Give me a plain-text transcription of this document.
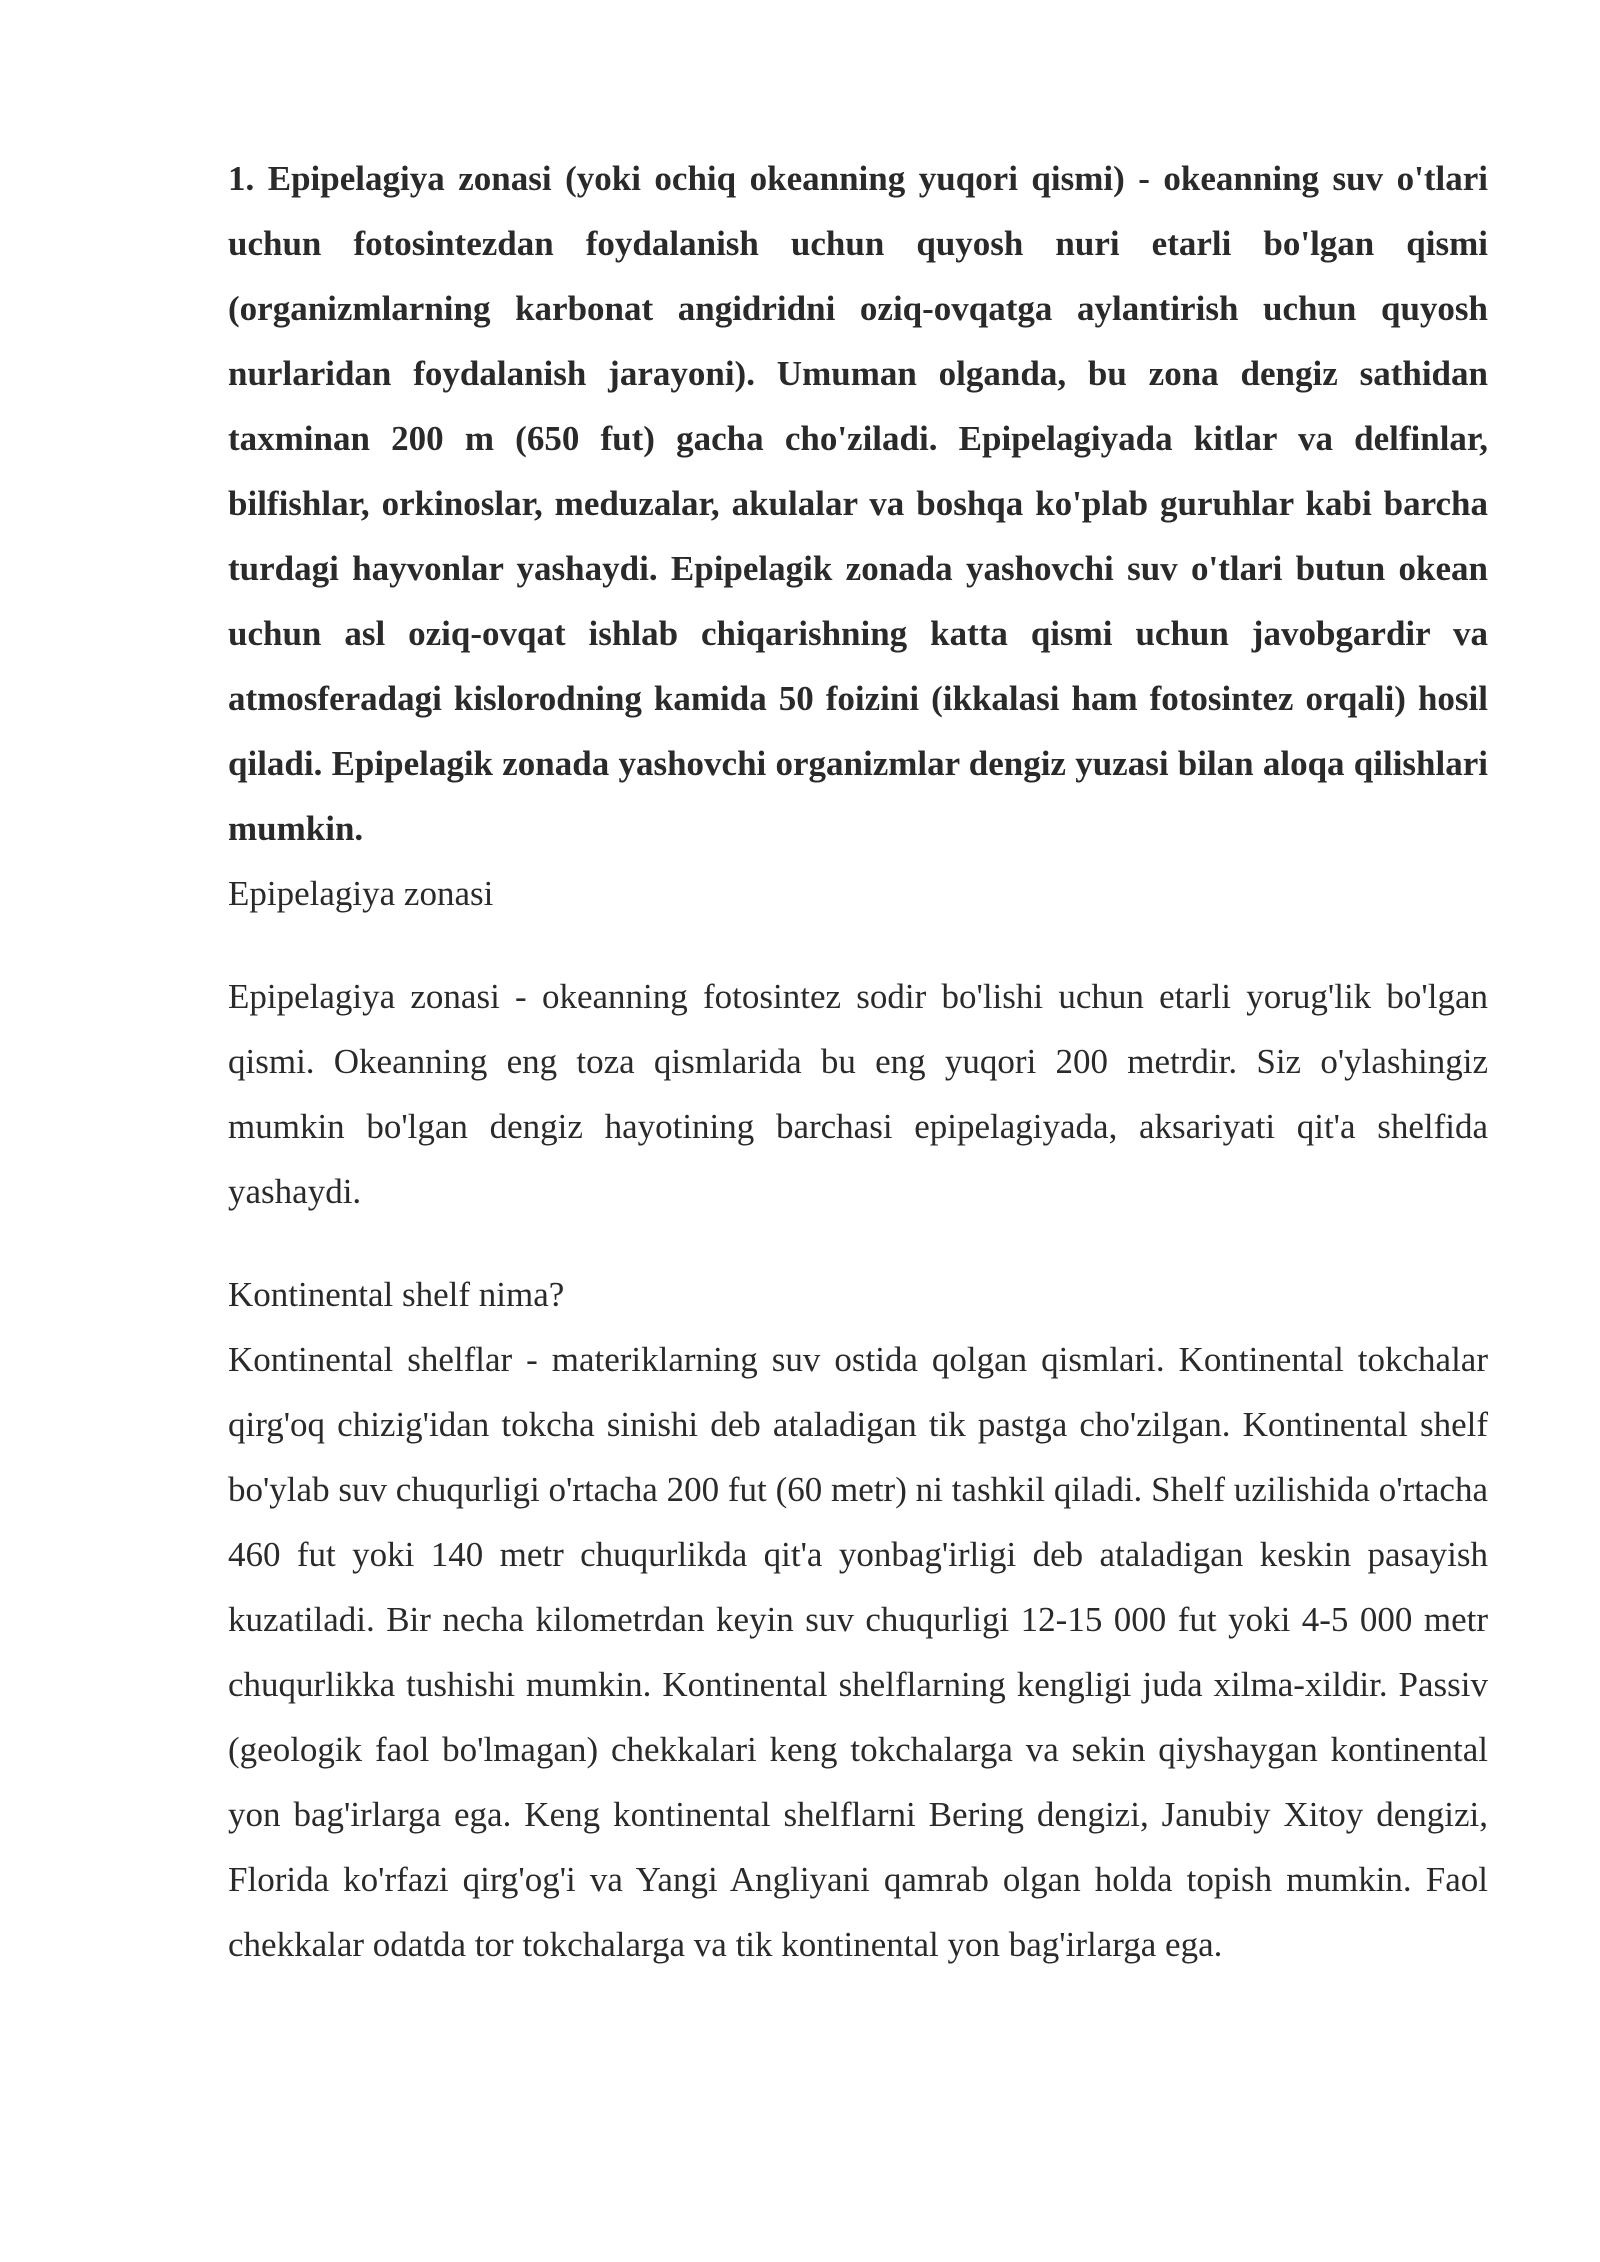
1. Epipelagiya zonasi (yoki ochiq okeanning yuqori qismi) - okeanning suv o'tlari uchun fotosintezdan foydalanish uchun quyosh nuri etarli bo'lgan qismi (organizmlarning karbonat angidridni oziq-ovqatga aylantirish uchun quyosh nurlaridan foydalanish jarayoni). Umuman olganda, bu zona dengiz sathidan taxminan 200 m (650 fut) gacha cho'ziladi. Epipelagiyada kitlar va delfinlar, bilfishlar, orkinoslar, meduzalar, akulalar va boshqa ko'plab guruhlar kabi barcha turdagi hayvonlar yashaydi. Epipelagik zonada yashovchi suv o'tlari butun okean uchun asl oziq-ovqat ishlab chiqarishning katta qismi uchun javobgardir va atmosferadagi kislorodning kamida 50 foizini (ikkalasi ham fotosintez orqali) hosil qiladi. Epipelagik zonada yashovchi organizmlar dengiz yuzasi bilan aloqa qilishlari mumkin.

Epipelagiya zonasi

Epipelagiya zonasi - okeanning fotosintez sodir bo'lishi uchun etarli yorug'lik bo'lgan qismi. Okeanning eng toza qismlarida bu eng yuqori 200 metrdir. Siz o'ylashingiz mumkin bo'lgan dengiz hayotining barchasi epipelagiyada, aksariyati qit'a shelfida yashaydi.

Kontinental shelf nima?

Kontinental shelflar - materiklarning suv ostida qolgan qismlari. Kontinental tokchalar qirg'oq chizig'idan tokcha sinishi deb ataladigan tik pastga cho'zilgan. Kontinental shelf bo'ylab suv chuqurligi o'rtacha 200 fut (60 metr) ni tashkil qiladi. Shelf uzilishida o'rtacha 460 fut yoki 140 metr chuqurlikda qit'a yonbag'irligi deb ataladigan keskin pasayish kuzatiladi. Bir necha kilometrdan keyin suv chuqurligi 12-15 000 fut yoki 4-5 000 metr chuqurlikka tushishi mumkin. Kontinental shelflarning kengligi juda xilma-xildir. Passiv (geologik faol bo'lmagan) chekkalari keng tokchalarga va sekin qiyshaygan kontinental yon bag'irlarga ega. Keng kontinental shelflarni Bering dengizi, Janubiy Xitoy dengizi, Florida ko'rfazi qirg'og'i va Yangi Angliyani qamrab olgan holda topish mumkin. Faol chekkalar odatda tor tokchalarga va tik kontinental yon bag'irlarga ega.
